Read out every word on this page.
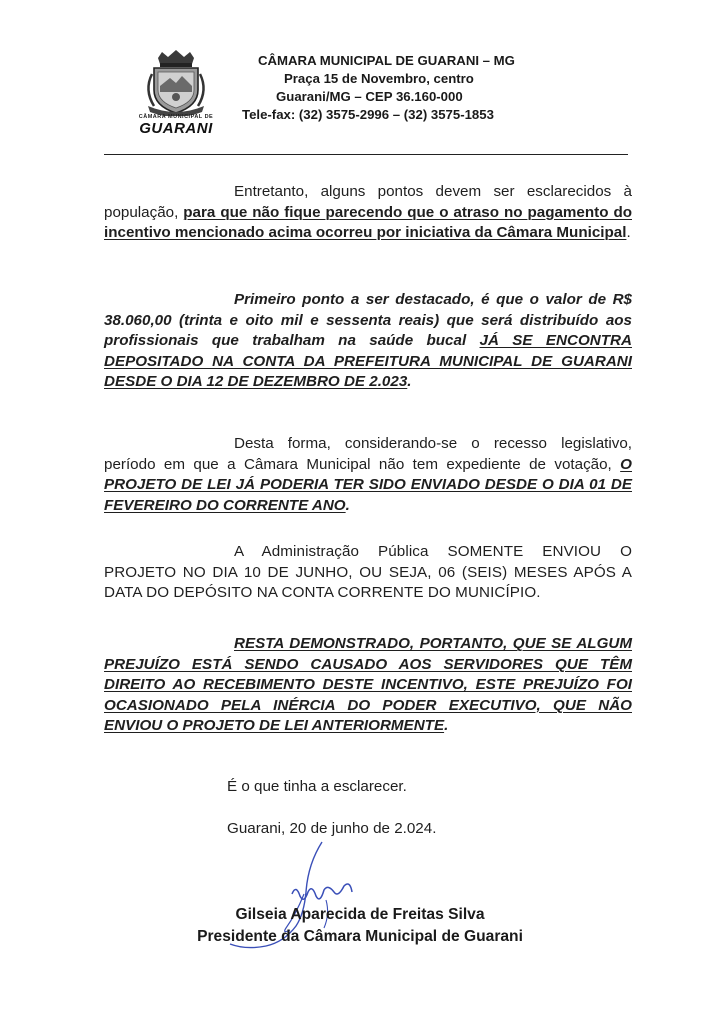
CÂMARA MUNICIPAL DE
GUARANI
CÂMARA MUNICIPAL DE GUARANI – MG
Praça 15 de Novembro, centro
Guarani/MG – CEP 36.160-000
Tele-fax: (32) 3575-2996 – (32) 3575-1853
Entretanto, alguns pontos devem ser esclarecidos à população, para que não fique parecendo que o atraso no pagamento do incentivo mencionado acima ocorreu por iniciativa da Câmara Municipal.
Primeiro ponto a ser destacado, é que o valor de R$ 38.060,00 (trinta e oito mil e sessenta reais) que será distribuído aos profissionais que trabalham na saúde bucal JÁ SE ENCONTRA DEPOSITADO NA CONTA DA PREFEITURA MUNICIPAL DE GUARANI DESDE O DIA 12 DE DEZEMBRO DE 2.023.
Desta forma, considerando-se o recesso legislativo, período em que a Câmara Municipal não tem expediente de votação, O PROJETO DE LEI JÁ PODERIA TER SIDO ENVIADO DESDE O DIA 01 DE FEVEREIRO DO CORRENTE ANO.
A Administração Pública SOMENTE ENVIOU O PROJETO NO DIA 10 DE JUNHO, OU SEJA, 06 (SEIS) MESES APÓS A DATA DO DEPÓSITO NA CONTA CORRENTE DO MUNICÍPIO.
RESTA DEMONSTRADO, PORTANTO, QUE SE ALGUM PREJUÍZO ESTÁ SENDO CAUSADO AOS SERVIDORES QUE TÊM DIREITO AO RECEBIMENTO DESTE INCENTIVO, ESTE PREJUÍZO FOI OCASIONADO PELA INÉRCIA DO PODER EXECUTIVO, QUE NÃO ENVIOU O PROJETO DE LEI ANTERIORMENTE.
É o que tinha a esclarecer.
Guarani, 20 de junho de 2.024.
Gilseia Aparecida de Freitas Silva
Presidente da Câmara Municipal de Guarani
